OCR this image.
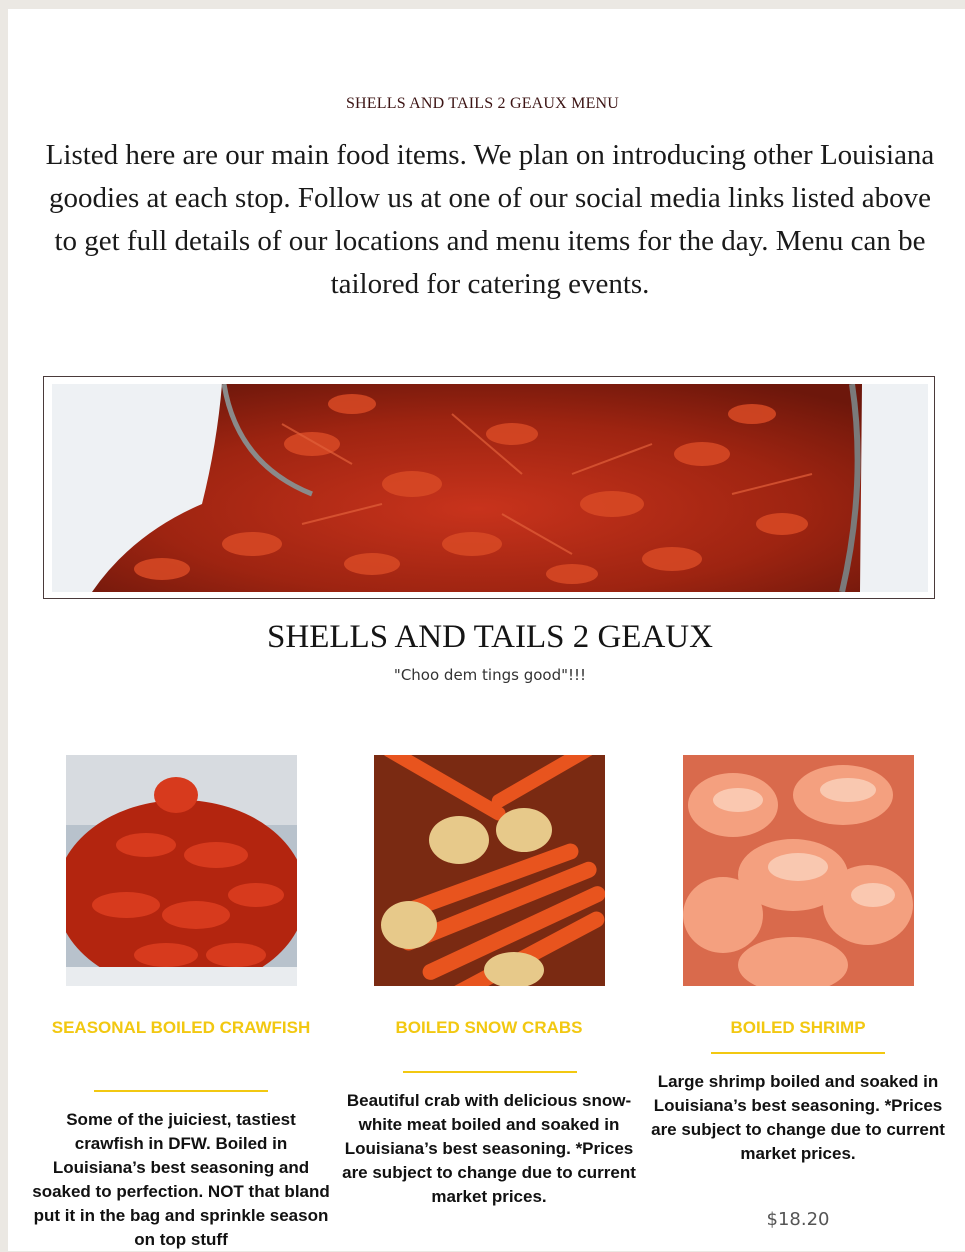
SHELLS AND TAILS 2 GEAUX MENU
Listed here are our main food items. We plan on introducing other Louisiana goodies at each stop. Follow us at one of our social media links listed above to get full details of our locations and menu items for the day. Menu can be tailored for catering events.
SHELLS AND TAILS 2 GEAUX
"Choo dem tings good"!!!
SEASONAL BOILED CRAWFISH
Some of the juiciest, tastiest crawfish in DFW. Boiled in Louisiana’s best seasoning and soaked to perfection. NOT that bland put it in the bag and sprinkle season on top stuff
BOILED SNOW CRABS
Beautiful crab with delicious snow-white meat boiled and soaked in Louisiana’s best seasoning. *Prices are subject to change due to current market prices.
BOILED SHRIMP
Large shrimp boiled and soaked in Louisiana’s best seasoning. *Prices are subject to change due to current market prices.
$18.20
